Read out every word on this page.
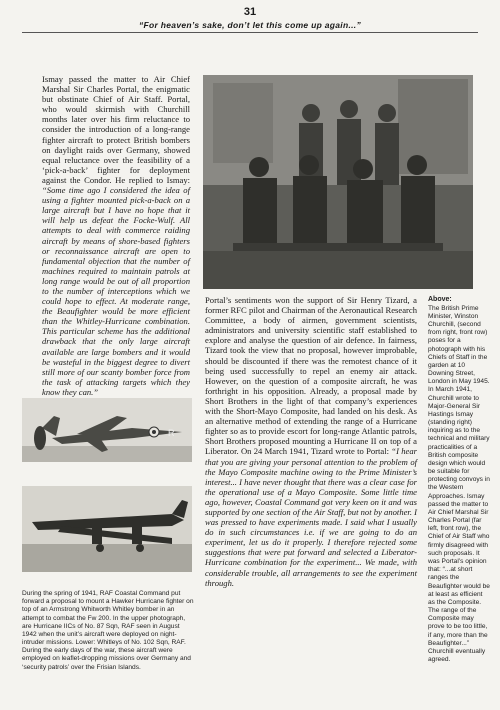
31
“For heaven’s sake, don’t let this come up again...”

Ismay passed the matter to Air Chief Marshal Sir Charles Portal, the enigmatic but obstinate Chief of Air Staff. Portal, who would skirmish with Churchill months later over his firm reluctance to consider the introduction of a long-range fighter aircraft to protect British bombers on daylight raids over Germany, showed equal reluctance over the feasibility of a ‘pick-a-back’ fighter for deployment against the Condor. He replied to Ismay: “Some time ago I considered the idea of using a fighter mounted pick-a-back on a large aircraft but I have no hope that it will help us defeat the Focke-Wulf. All attempts to deal with commerce raiding aircraft by means of shore-based fighters or reconnaissance aircraft are open to fundamental objection that the number of machines required to maintain patrols at long range would be out of all proportion to the number of interceptions which we could hope to effect. At moderate range, the Beaufighter would be more efficient than the Whitley-Hurricane combination. This particular scheme has the additional drawback that the only large aircraft available are large bombers and it would be wasteful in the biggest degree to divert still more of our scanty bomber force from the task of attacking targets which they know they can.”

Portal’s sentiments won the support of Sir Henry Tizard, a former RFC pilot and Chairman of the Aeronautical Research Committee, a body of airmen, government scientists, administrators and university scientific staff established to explore and analyse the question of air defence. In fairness, Tizard took the view that no proposal, however improbable, should be discounted if there was the remotest chance of it being used successfully to repel an enemy air attack. However, on the question of a composite aircraft, he was forthright in his opposition. Already, a proposal made by Short Brothers in the light of that company’s experiences with the Short-Mayo Composite, had landed on his desk. As an alternative method of extending the range of a Hurricane fighter so as to provide escort for long-range Atlantic patrols, Short Brothers proposed mounting a Hurricane II on top of a Liberator. On 24 March 1941, Tizard wrote to Portal: “I hear that you are giving your personal attention to the problem of the Mayo Composite machine owing to the Prime Minister’s interest... I have never thought that there was a clear case for the operational use of a Mayo Composite. Some little time ago, however, Coastal Command got very keen on it and was supported by one section of the Air Staff, but not by another. I was pressed to have experiments made. I said what I usually do in such circumstances i.e. if we are going to do an experiment, let us do it properly. I therefore rejected some suggestions that were put forward and selected a Liberator-Hurricane combination for the experiment... We made, with considerable trouble, all arrangements to see the experiment through.

R

Above:
The British Prime Minister, Winston Churchill, (second from right, front row) poses for a photograph with his Chiefs of Staff in the garden at 10 Downing Street, London in May 1945. In March 1941, Churchill wrote to Major-General Sir Hastings Ismay (standing right) inquiring as to the technical and military practicalities of a British composite design which would be suitable for protecting convoys in the Western Approaches. Ismay passed the matter to Air Chief Marshal Sir Charles Portal (far left, front row), the Chief of Air Staff who firmly disagreed with such proposals. It was Portal’s opinion that: “...at short ranges the Beaufighter would be at least as efficient as the Composite. The range of the Composite may prove to be too little, if any, more than the Beaufighter...” Churchill eventually agreed.

During the spring of 1941, RAF Coastal Command put forward a proposal to mount a Hawker Hurricane fighter on top of an Armstrong Whitworth Whitley bomber in an attempt to combat the Fw 200. In the upper photograph, are Hurricane IICs of No. 87 Sqn, RAF seen in August 1942 when the unit’s aircraft were deployed on night-intruder missions. Lower: Whitleys of No. 102 Sqn, RAF. During the early days of the war, these aircraft were employed on leaflet-dropping missions over Germany and ‘security patrols’ over the Frisian Islands.
